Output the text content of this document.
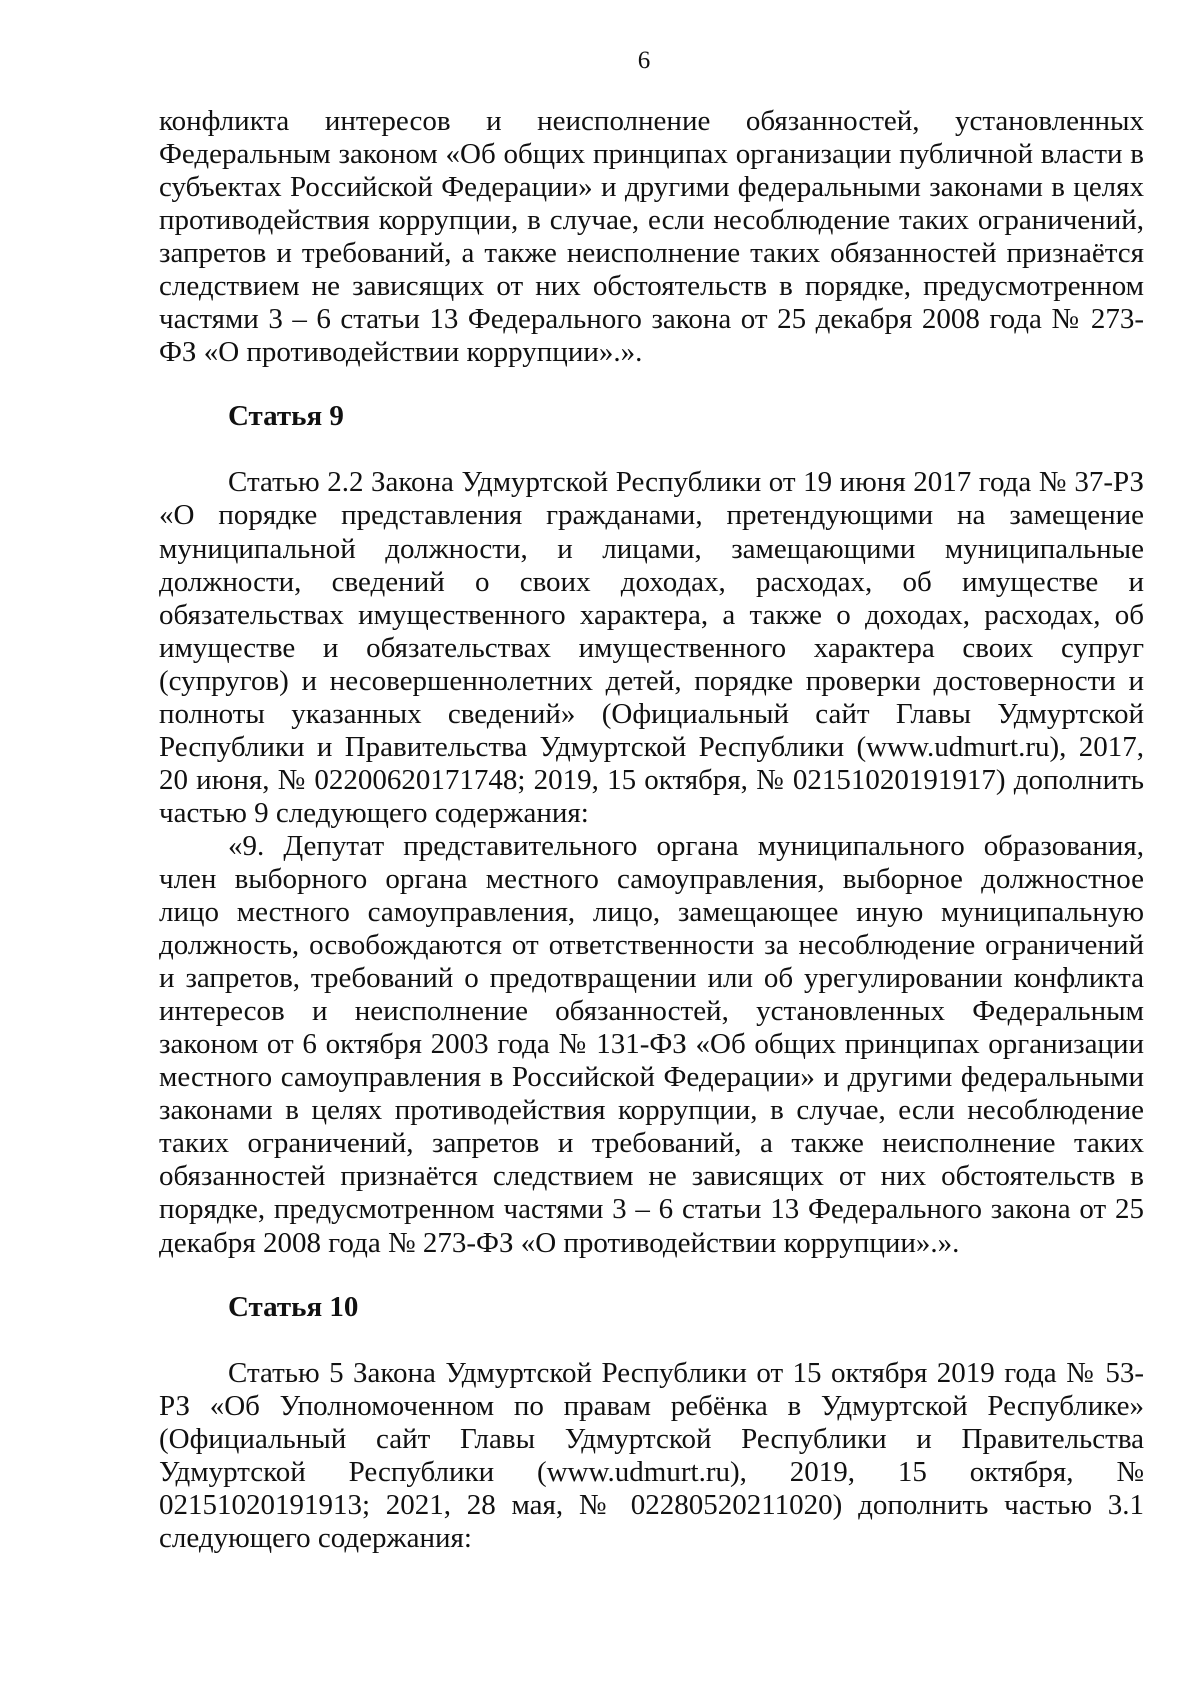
6

конфликта интересов и неисполнение обязанностей, установленных Федеральным законом «Об общих принципах организации публичной власти в субъектах Российской Федерации» и другими федеральными законами в целях противодействия коррупции, в случае, если несоблюдение таких ограничений, запретов и требований, а также неисполнение таких обязанностей признаётся следствием не зависящих от них обстоятельств в порядке, предусмотренном частями 3 – 6 статьи 13 Федерального закона от 25 декабря 2008 года № 273-ФЗ «О противодействии коррупции».».

Статья 9

Статью 2.2 Закона Удмуртской Республики от 19 июня 2017 года № 37-РЗ «О порядке представления гражданами, претендующими на замещение муниципальной должности, и лицами, замещающими муниципальные должности, сведений о своих доходах, расходах, об имуществе и обязательствах имущественного характера, а также о доходах, расходах, об имуществе и обязательствах имущественного характера своих супруг (супругов) и несовершеннолетних детей, порядке проверки достоверности и полноты указанных сведений» (Официальный сайт Главы Удмуртской Республики и Правительства Удмуртской Республики (www.udmurt.ru), 2017, 20 июня, № 02200620171748; 2019, 15 октября, № 02151020191917) дополнить частью 9 следующего содержания:

«9. Депутат представительного органа муниципального образования, член выборного органа местного самоуправления, выборное должностное лицо местного самоуправления, лицо, замещающее иную муниципальную должность, освобождаются от ответственности за несоблюдение ограничений и запретов, требований о предотвращении или об урегулировании конфликта интересов и неисполнение обязанностей, установленных Федеральным законом от 6 октября 2003 года № 131-ФЗ «Об общих принципах организации местного самоуправления в Российской Федерации» и другими федеральными законами в целях противодействия коррупции, в случае, если несоблюдение таких ограничений, запретов и требований, а также неисполнение таких обязанностей признаётся следствием не зависящих от них обстоятельств в порядке, предусмотренном частями 3 – 6 статьи 13 Федерального закона от 25 декабря 2008 года № 273-ФЗ «О противодействии коррупции».».

Статья 10

Статью 5 Закона Удмуртской Республики от 15 октября 2019 года № 53-РЗ «Об Уполномоченном по правам ребёнка в Удмуртской Республике» (Официальный сайт Главы Удмуртской Республики и Правительства Удмуртской Республики (www.udmurt.ru), 2019, 15 октября, № 02151020191913; 2021, 28 мая, № 02280520211020) дополнить частью 3.1 следующего содержания:
